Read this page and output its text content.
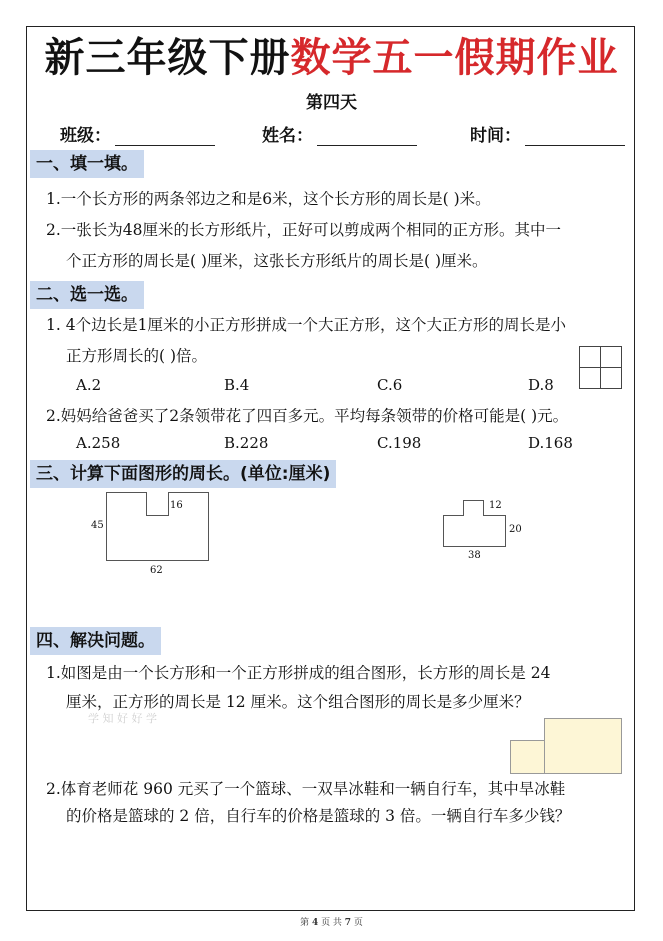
新三年级下册数学五一假期作业
第四天
班级：	姓名：	时间：
一、填一填。
1.一个长方形的两条邻边之和是6米，这个长方形的周长是( )米。
2.一张长为48厘米的长方形纸片，正好可以剪成两个相同的正方形。其中一
个正方形的周长是( )厘米，这张长方形纸片的周长是( )厘米。
二、选一选。
1. 4个边长是1厘米的小正方形拼成一个大正方形，这个大正方形的周长是小
正方形周长的( )倍。
A.2	B.4	C.6	D.8
2.妈妈给爸爸买了2条领带花了四百多元。平均每条领带的价格可能是( )元。
A.258	B.228	C.198	D.168
三、计算下面图形的周长。(单位:厘米)
45
16
62
12
20
38
四、解决问题。
1.如图是由一个长方形和一个正方形拼成的组合图形，长方形的周长是 24
厘米，正方形的周长是 12 厘米。这个组合图形的周长是多少厘米？
学 知 好 好 学
2.体育老师花 960 元买了一个篮球、一双旱冰鞋和一辆自行车，其中旱冰鞋
的价格是篮球的 2 倍，自行车的价格是篮球的 3 倍。一辆自行车多少钱？
第 4 页 共 7 页
